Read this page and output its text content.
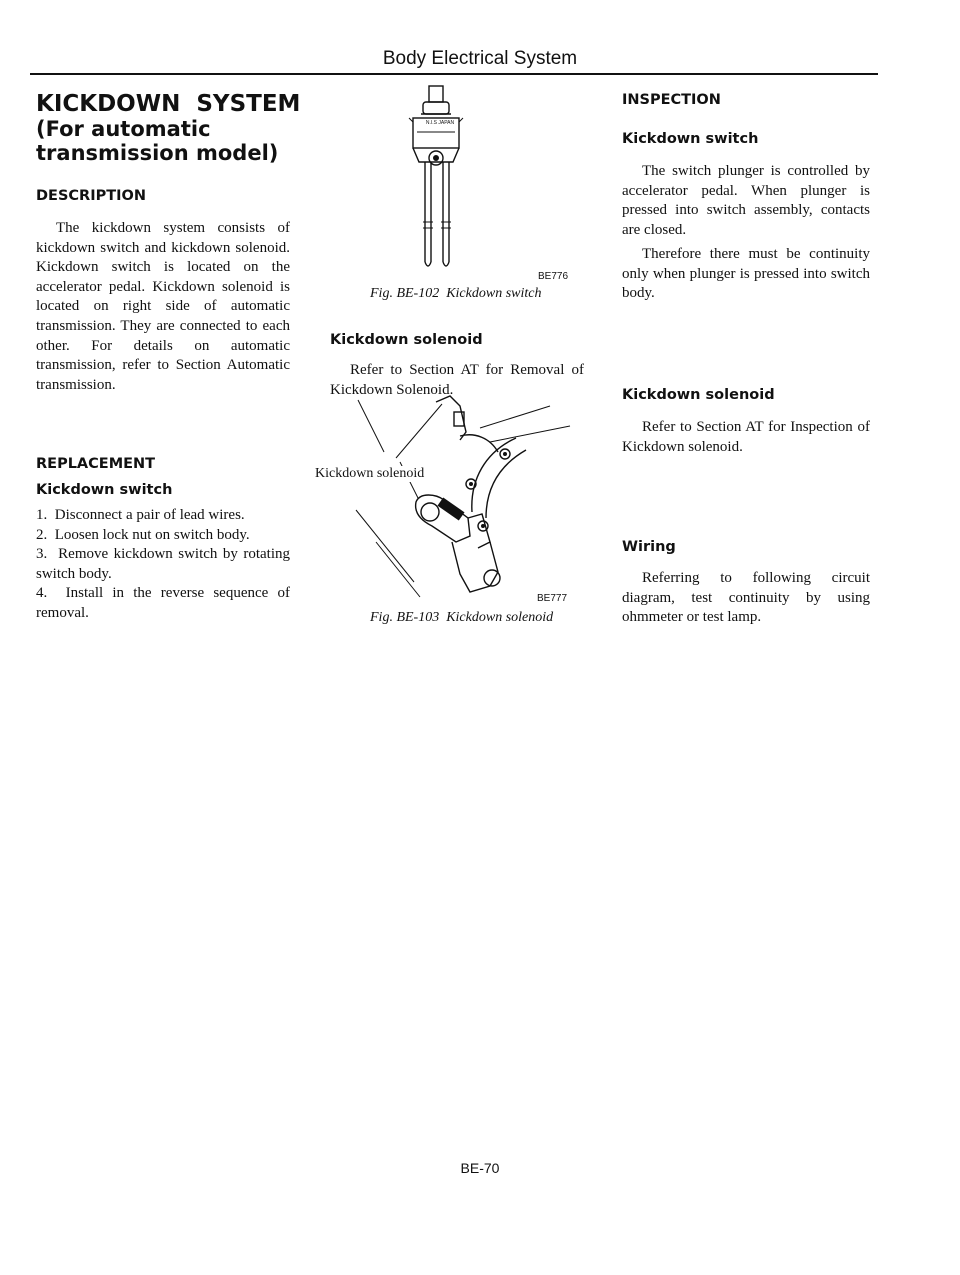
Body Electrical System
KICKDOWN  SYSTEM
(For automatic
transmission model)
DESCRIPTION
The kickdown system consists of kickdown switch and kickdown solenoid. Kickdown switch is located on the accelerator pedal. Kickdown solenoid is located on right side of automatic transmission. They are connected to each other. For details on automatic transmission, refer to Section Automatic transmission.
REPLACEMENT
Kickdown switch
1.  Disconnect a pair of lead wires.
2.  Loosen lock nut on switch body.
3.  Remove kickdown switch by rotating switch body.
4.  Install in the reverse sequence of removal.
N.I.S JAPAN
BE776
Fig. BE-102  Kickdown switch
Kickdown solenoid
Refer to Section AT for Removal of Kickdown Solenoid.
Kickdown solenoid
BE777
Fig. BE-103  Kickdown solenoid
INSPECTION
Kickdown switch
The switch plunger is controlled by accelerator pedal. When plunger is pressed into switch assembly, contacts are closed.
Therefore there must be continuity only when plunger is pressed into switch body.
Kickdown solenoid
Refer to Section AT for Inspection of Kickdown solenoid.
Wiring
Referring to following circuit diagram, test continuity by using ohmmeter or test lamp.
BE-70
